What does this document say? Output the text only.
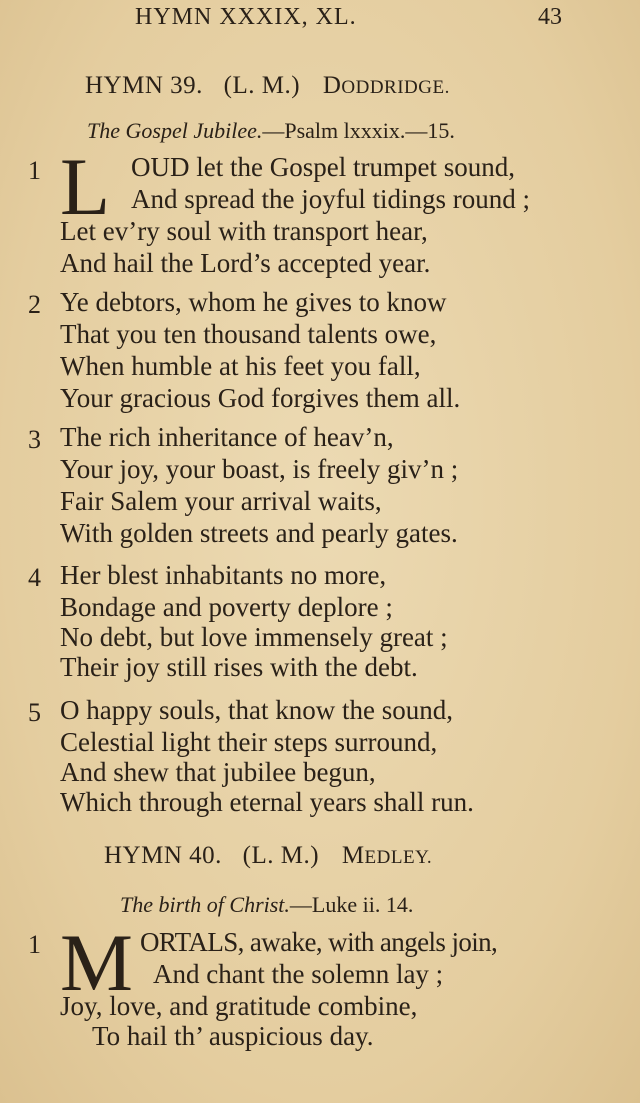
HYMN XXXIX, XL.	43
HYMN 39. (L. M.) DODDRIDGE.
The Gospel Jubilee.—Psalm lxxxix.—15.
1 L OUD let the Gospel trumpet sound,
And spread the joyful tidings round ;
Let ev’ry soul with transport hear,
And hail the Lord’s accepted year.
2 Ye debtors, whom he gives to know
That you ten thousand talents owe,
When humble at his feet you fall,
Your gracious God forgives them all.
3 The rich inheritance of heav’n,
Your joy, your boast, is freely giv’n ;
Fair Salem your arrival waits,
With golden streets and pearly gates.
4 Her blest inhabitants no more,
Bondage and poverty deplore ;
No debt, but love immensely great ;
Their joy still rises with the debt.
5 O happy souls, that know the sound,
Celestial light their steps surround,
And shew that jubilee begun,
Which through eternal years shall run.
HYMN 40. (L. M.) MEDLEY.
The birth of Christ.—Luke ii. 14.
1 M ORTALS, awake, with angels join,
And chant the solemn lay ;
Joy, love, and gratitude combine,
To hail th’ auspicious day.
